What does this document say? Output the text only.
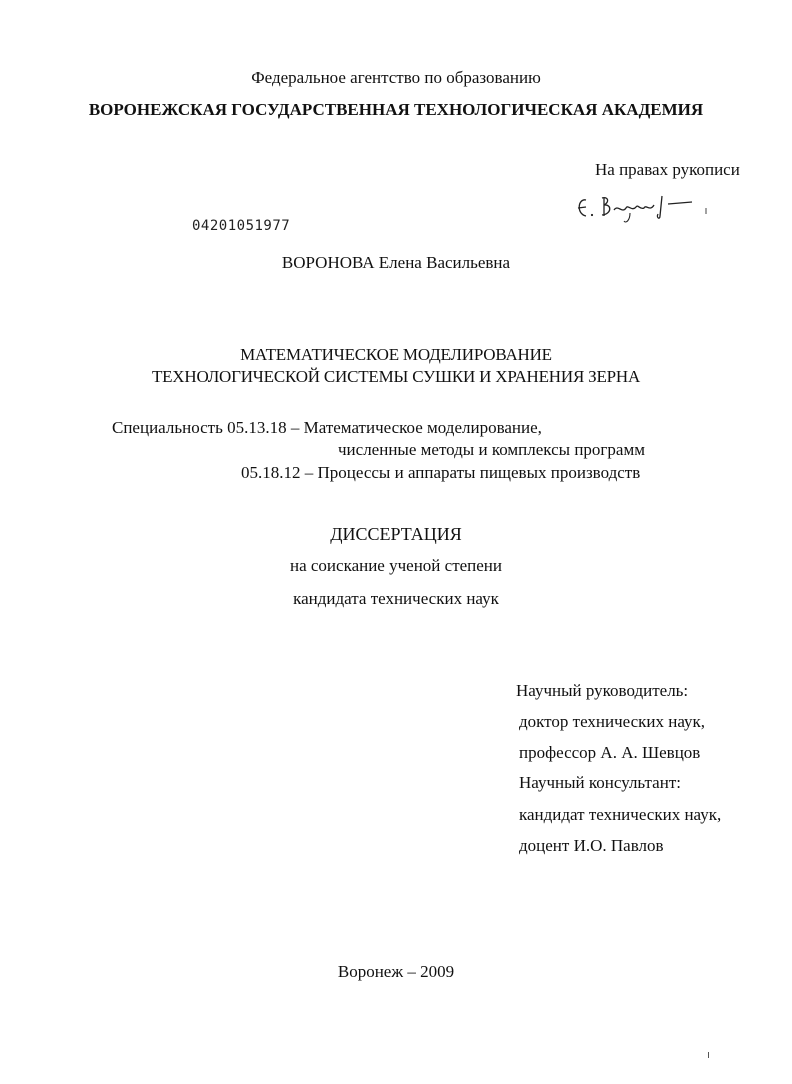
Федеральное агентство по образованию
ВОРОНЕЖСКАЯ ГОСУДАРСТВЕННАЯ ТЕХНОЛОГИЧЕСКАЯ АКАДЕМИЯ
На правах рукописи
04201051977
ВОРОНОВА Елена Васильевна
МАТЕМАТИЧЕСКОЕ МОДЕЛИРОВАНИЕ
ТЕХНОЛОГИЧЕСКОЙ СИСТЕМЫ СУШКИ И ХРАНЕНИЯ ЗЕРНА
Специальность 05.13.18 – Математическое моделирование,
численные методы и комплексы программ
05.18.12 – Процессы и аппараты пищевых производств
ДИССЕРТАЦИЯ
на соискание ученой степени
кандидата технических наук
Научный руководитель:
доктор технических наук,
профессор А. А. Шевцов
Научный консультант:
кандидат технических наук,
доцент И.О. Павлов
Воронеж – 2009
